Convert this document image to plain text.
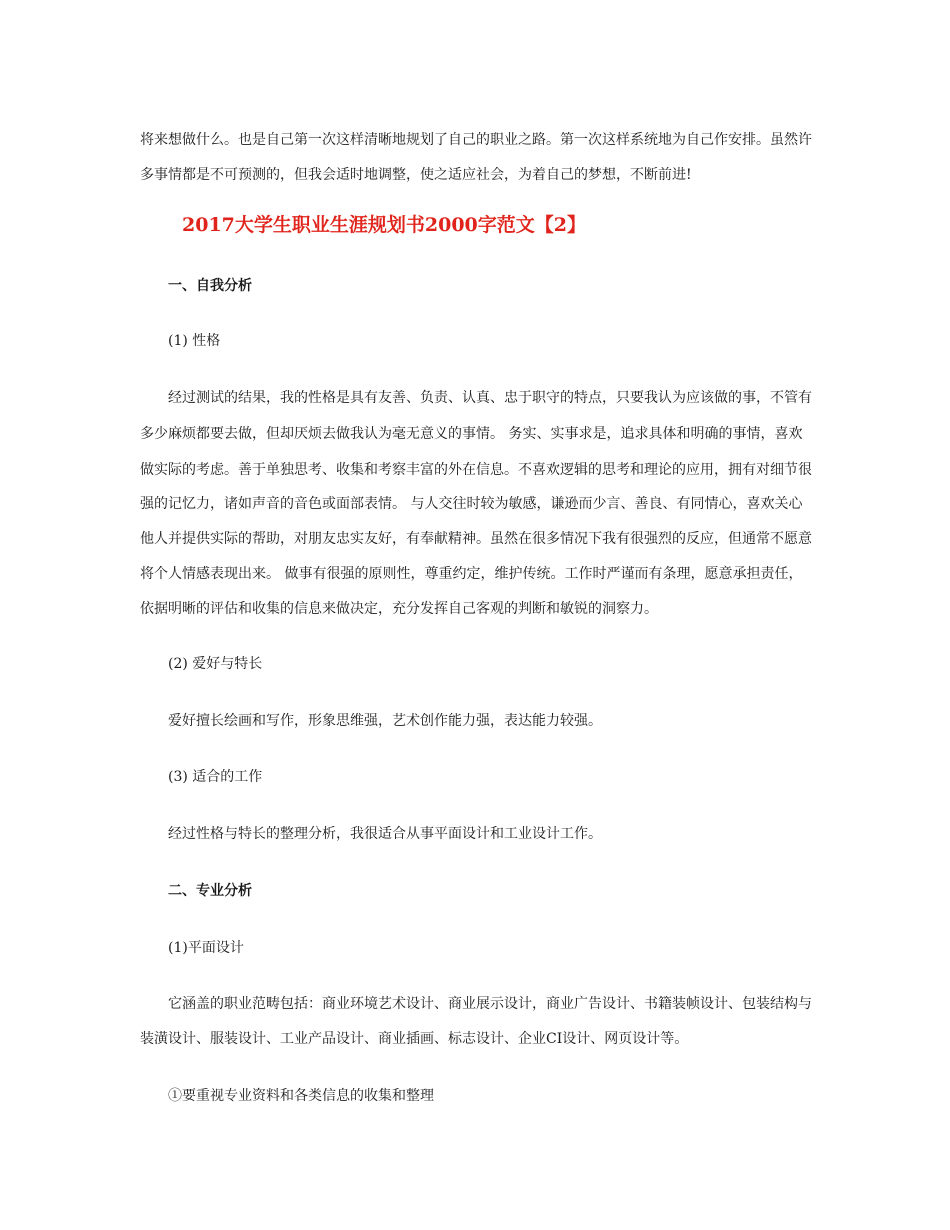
将来想做什么。也是自己第一次这样清晰地规划了自己的职业之路。第一次这样系统地为自己作安排。虽然许
多事情都是不可预测的，但我会适时地调整，使之适应社会，为着自己的梦想，不断前进!
2017大学生职业生涯规划书2000字范文【2】
一、自我分析
(1) 性格
经过测试的结果，我的性格是具有友善、负责、认真、忠于职守的特点，只要我认为应该做的事，不管有
多少麻烦都要去做，但却厌烦去做我认为毫无意义的事情。 务实、实事求是，追求具体和明确的事情，喜欢
做实际的考虑。善于单独思考、收集和考察丰富的外在信息。不喜欢逻辑的思考和理论的应用，拥有对细节很
强的记忆力，诸如声音的音色或面部表情。 与人交往时较为敏感，谦逊而少言、善良、有同情心，喜欢关心
他人并提供实际的帮助，对朋友忠实友好，有奉献精神。虽然在很多情况下我有很强烈的反应，但通常不愿意
将个人情感表现出来。 做事有很强的原则性，尊重约定，维护传统。工作时严谨而有条理，愿意承担责任，
依据明晰的评估和收集的信息来做决定，充分发挥自己客观的判断和敏锐的洞察力。
(2) 爱好与特长
爱好擅长绘画和写作，形象思维强，艺术创作能力强，表达能力较强。
(3) 适合的工作
经过性格与特长的整理分析，我很适合从事平面设计和工业设计工作。
二、专业分析
(1)平面设计
它涵盖的职业范畴包括：商业环境艺术设计、商业展示设计，商业广告设计、书籍装帧设计、包装结构与
装潢设计、服装设计、工业产品设计、商业插画、标志设计、企业CI设计、网页设计等。
①要重视专业资料和各类信息的收集和整理
